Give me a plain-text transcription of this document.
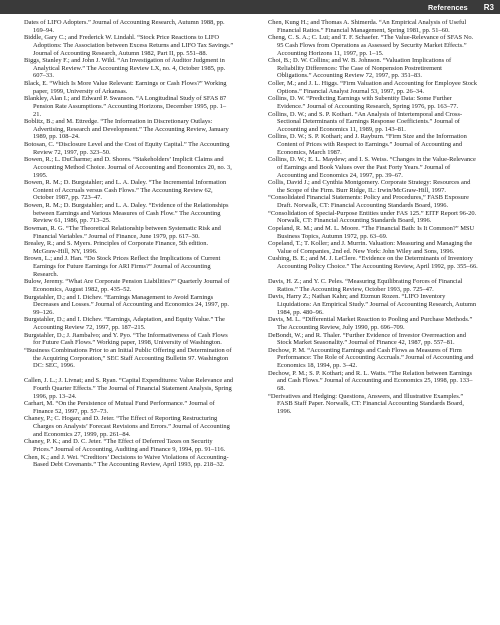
References R3

Dates of LIFO Adopters.” Journal of Accounting Research, Autumn 1988, pp. 169–94.

Biddle, Gary C.; and Frederick W. Lindahl. “Stock Price Reactions to LIFO Adoptions: The Association between Excess Returns and LIFO Tax Savings.” Journal of Accounting Research, Autumn 1982, Part II, pp. 551–88.

Biggs, Stanley F.; and John J. Wild. “An Investigation of Auditor Judgment in Analytical Review.” The Accounting Review LX, no. 4, October 1985, pp. 607–33.

Black, E. “Which Is More Value Relevant: Earnings or Cash Flows?” Working paper, 1999, University of Arkansas.

Blankley, Alan I.; and Edward P. Swanson. “A Longitudinal Study of SFAS 87 Pension Rate Assumptions.” Accounting Horizons, December 1995, pp. 1–21.

Boblitz, B.; and M. Ettredge. “The Information in Discretionary Outlays: Advertising, Research and Development.” The Accounting Review, January 1989, pp. 108–24.

Botosan, C. “Disclosure Level and the Cost of Equity Capital.” The Accounting Review 72, 1997, pp. 323–50.

Bowen, R.; L. DuCharme; and D. Shores. “Stakeholders’ Implicit Claims and Accounting Method Choice. Journal of Accounting and Economics 20, no. 3, 1995.

Bowen, R. M.; D. Burgstahler; and L. A. Daley. “The Incremental Information Content of Accruals versus Cash Flows.” The Accounting Review 62, October 1987, pp. 723–47.

Bowen, R. M.; D. Burgstahler; and L. A. Daley. “Evidence of the Relationships between Earnings and Various Measures of Cash Flow.” The Accounting Review 61, 1986, pp. 713–25.

Bowman, R. G. “The Theoretical Relationship between Systematic Risk and Financial Variables.” Journal of Finance, June 1979, pp. 617–30.

Brealey, R.; and S. Myers. Principles of Corporate Finance, 5th edition. McGraw-Hill, NY, 1996.

Brown, L.; and J. Han. “Do Stock Prices Reflect the Implications of Current Earnings for Future Earnings for ARI Firms?” Journal of Accounting Research.

Bulow, Jeremy. “What Are Corporate Pension Liabilities?” Quarterly Journal of Economics, August 1982, pp. 435–52.

Burgstahler, D.; and I. Dichev. “Earnings Management to Avoid Earnings Decreases and Losses.” Journal of Accounting and Economics 24, 1997, pp. 99–126.

Burgstahler, D.; and I. Dichev. “Earnings, Adaptation, and Equity Value.” The Accounting Review 72, 1997, pp. 187–215.

Burgstahler, D.; J. Jiambalvo; and Y. Pyo. “The Informativeness of Cash Flows for Future Cash Flows.” Working paper, 1998, University of Washington.

“Business Combinations Prior to an Initial Public Offering and Determination of the Acquiring Corporation,” SEC Staff Accounting Bulletin 97. Washington DC: SEC, 1996.

Callen, J. L.; J. Livnat; and S. Ryan. “Capital Expenditures: Value Relevance and Fourth Quarter Effects.” The Journal of Financial Statement Analysis, Spring 1996, pp. 13–24.

Carhart, M. “On the Persistence of Mutual Fund Performance.” Journal of Finance 52, 1997, pp. 57–73.

Chaney, P.; C. Hogan; and D. Jeter. “The Effect of Reporting Restructuring Charges on Analysts’ Forecast Revisions and Errors.” Journal of Accounting and Economics 27, 1999, pp. 261–84.

Chaney, P. K.; and D. C. Jeter. “The Effect of Deferred Taxes on Security Prices.” Journal of Accounting, Auditing and Finance 9, 1994, pp. 91–116.

Chen, K.; and J. Wei. “Creditors’ Decisions to Waive Violations of Accounting-Based Debt Covenants.” The Accounting Review, April 1993, pp. 218–32.

Chen, Kung H.; and Thomas A. Shimerda. “An Empirical Analysis of Useful Financial Ratios.” Financial Management, Spring 1981, pp. 51–60.

Cheng, C. S. A.; C. Lui; and T. F. Schaefer. “The Value-Relevance of SFAS No. 95 Cash Flows from Operations as Assessed by Security Market Effects.” Accounting Horizons 11, 1997, pp. 1–15.

Choi, B.; D. W. Collins; and W. B. Johnson. “Valuation Implications of Reliability Differences: The Case of Nonpension Postretirement Obligations.” Accounting Review 72, 1997, pp. 351–83.

Coller, M.; and J. L. Higgs. “Firm Valuation and Accounting for Employee Stock Options.” Financial Analyst Journal 53, 1997, pp. 26–34.

Collins, D. W. “Predicting Earnings with Subentity Data: Some Further Evidence.” Journal of Accounting Research, Spring 1976, pp. 163–77.

Collins, D. W.; and S. P. Kothari. “An Analysis of Intertemporal and Cross-Sectional Determinants of Earnings Response Coefficients.” Journal of Accounting and Economics 11, 1989, pp. 143–81.

Collins, D. W.; S. P. Kothari; and J. Rayburn. “Firm Size and the Information Content of Prices with Respect to Earnings.” Journal of Accounting and Economics, March 1987.

Collins, D. W.; E. L. Maydew; and I. S. Weiss. “Changes in the Value-Relevance of Earnings and Book Values over the Past Forty Years.” Journal of Accounting and Economics 24, 1997, pp. 39–67.

Collis, David J.; and Cynthia Montgomery. Corporate Strategy: Resources and the Scope of the Firm. Burr Ridge, IL: Irwin/McGraw-Hill, 1997.

“Consolidated Financial Statements: Policy and Procedures,” FASB Exposure Draft. Norwalk, CT: Financial Accounting Standards Board, 1996.

“Consolidation of Special-Purpose Entities under FAS 125.” EITF Report 96-20. Norwalk, CT: Financial Accounting Standards Board, 1996.

Copeland, R. M.; and M. L. Moore. “The Financial Bath: Is It Common?” MSU Business Topics, Autumn 1972, pp. 63–69.

Copeland, T.; T. Koller; and J. Murrin. Valuation: Measuring and Managing the Value of Companies, 2nd ed. New York: John Wiley and Sons, 1996.

Cushing, B. E.; and M. J. LeClere. “Evidence on the Determinants of Inventory Accounting Policy Choice.” The Accounting Review, April 1992, pp. 355–66.

Davis, H. Z.; and Y. C. Peles. “Measuring Equilibrating Forces of Financial Ratios.” The Accounting Review, October 1993, pp. 725–47.

Davis, Harry Z.; Nathan Kahn; and Etzmun Rozen. “LIFO Inventory Liquidations: An Empirical Study.” Journal of Accounting Research, Autumn 1984, pp. 480–96.

Davis, M. L. “Differential Market Reaction to Pooling and Purchase Methods.” The Accounting Review, July 1990, pp. 696–709.

DeBondt, W.; and R. Thaler. “Further Evidence of Investor Overreaction and Stock Market Seasonality.” Journal of Finance 42, 1987, pp. 557–81.

Dechow, P. M. “Accounting Earnings and Cash Flows as Measures of Firm Performance: The Role of Accounting Accruals.” Journal of Accounting and Economics 18, 1994, pp. 3–42.

Dechow, P. M.; S. P. Kothari; and R. L. Watts. “The Relation between Earnings and Cash Flows.” Journal of Accounting and Economics 25, 1998, pp. 133–68.

“Derivatives and Hedging: Questions, Answers, and Illustrative Examples.” FASB Staff Paper. Norwalk, CT: Financial Accounting Standards Board, 1996.
